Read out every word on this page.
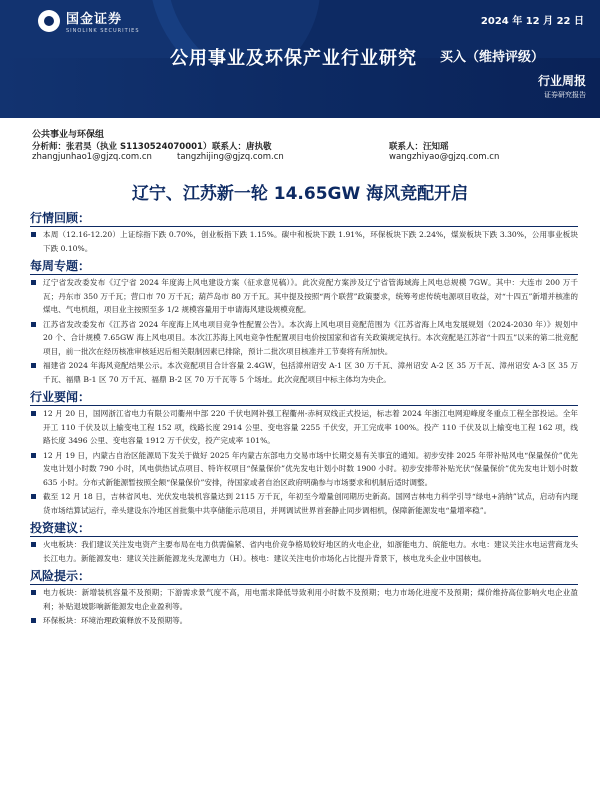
国金证券
SINOLINK SECURITIES
2024 年 12 月 22 日
公用事业及环保产业行业研究 买入（维持评级）
行业周报
证券研究报告
公共事业与环保组
分析师：张君昊（执业 S1130524070001） 联系人：唐执敬	联系人：汪知瑶
zhangjunhao1@gjzq.com.cn	tangzhijing@gjzq.com.cn	wangzhiyao@gjzq.com.cn
辽宁、江苏新一轮 14.65GW 海风竞配开启
行情回顾：
本周（12.16-12.20）上证综指下跌 0.70%，创业板指下跌 1.15%。碳中和板块下跌 1.91%，环保板块下跌 2.24%，煤炭板块下跌 3.30%，公用事业板块下跌 0.10%。
每周专题：
辽宁省发改委发布《辽宁省 2024 年度海上风电建设方案（征求意见稿）》。此次竞配方案涉及辽宁省管海域海上风电总规模 7GW。其中：大连市 200 万千瓦；丹东市 350 万千瓦；营口市 70 万千瓦；葫芦岛市 80 万千瓦。其中提及按照“两个联营”政策要求，统筹考虑传统电源项目收益，对“十四五”新增并核准的煤电、气电机组，项目业主按照至多 1/2 规模容量用于申请海风建设规模竞配。
江苏省发改委发布《江苏省 2024 年度海上风电项目竞争性配置公告》。本次海上风电项目竞配范围为《江苏省海上风电发展规划（2024-2030 年）》规划中 20 个、合计规模 7.65GW 海上风电项目。本次江苏海上风电竞争性配置项目电价按国家和省有关政策规定执行。本次竞配是江苏省“十四五”以来的第二批竞配项目，前一批次在经历核准审核延迟后相关限制因素已排除，预计二批次项目核准并工节奏将有所加快。
福建省 2024 年海风竞配结果公示。本次竞配项目合计容量 2.4GW，包括漳州诏安 A-1 区 30 万千瓦、漳州诏安 A-2 区 35 万千瓦、漳州诏安 A-3 区 35 万千瓦、福鼎 B-1 区 70 万千瓦、福鼎 B-2 区 70 万千瓦等 5 个场址。此次竞配项目中标主体均为央企。
行业要闻：
12 月 20 日，国网浙江省电力有限公司衢州中部 220 千伏电网补强工程衢州-赤柯双线正式投运，标志着 2024 年浙江电网迎峰度冬重点工程全部投运。全年开工 110 千伏及以上输变电工程 152 项，线路长度 2914 公里、变电容量 2255 千伏安，开工完成率 100%。投产 110 千伏及以上输变电工程 162 项，线路长度 3496 公里、变电容量 1912 万千伏安，投产完成率 101%。
12 月 19 日，内蒙古自治区能源局下发关于做好 2025 年内蒙古东部电力交易市场中长期交易有关事宜的通知。初步安排 2025 年带补贴风电“保量保价”优先发电计划小时数 790 小时，风电供热试点项目、特许权项目“保量保价”优先发电计划小时数 1900 小时。初步安排带补贴光伏“保量保价”优先发电计划小时数 635 小时。分布式新能源暂按照全额“保量保价”安排，待国家或者自治区政府明确参与市场要求和机制后适时调整。
截至 12 月 18 日，吉林省风电、光伏发电装机容量达到 2115 万千瓦，年初至今增量创同期历史新高。国网吉林电力科学引导“绿电+消纳”试点，启动有内现货市场结算试运行，牵头建设东冷地区首批集中共享储能示范项目，并网调试世界首套静止同步调相机，保障新能源发电“量增率稳”。
投资建议：
火电板块：我们建议关注发电资产主要布局在电力供需偏紧、省内电价竞争格局较好地区的火电企业，如浙能电力、皖能电力。水电：建议关注水电运营商龙头长江电力。新能源发电：建议关注新能源龙头龙源电力（H）。核电：建议关注电价市场化占比提升背景下，核电龙头企业中国核电。
风险提示：
电力板块：新增装机容量不及预期；下游需求景气度不高，用电需求降低导致利用小时数不及预期；电力市场化进度不及预期；煤价维持高位影响火电企业盈利；补贴退坡影响新能源发电企业盈利等。
环保板块：环境治理政策释放不及预期等。
